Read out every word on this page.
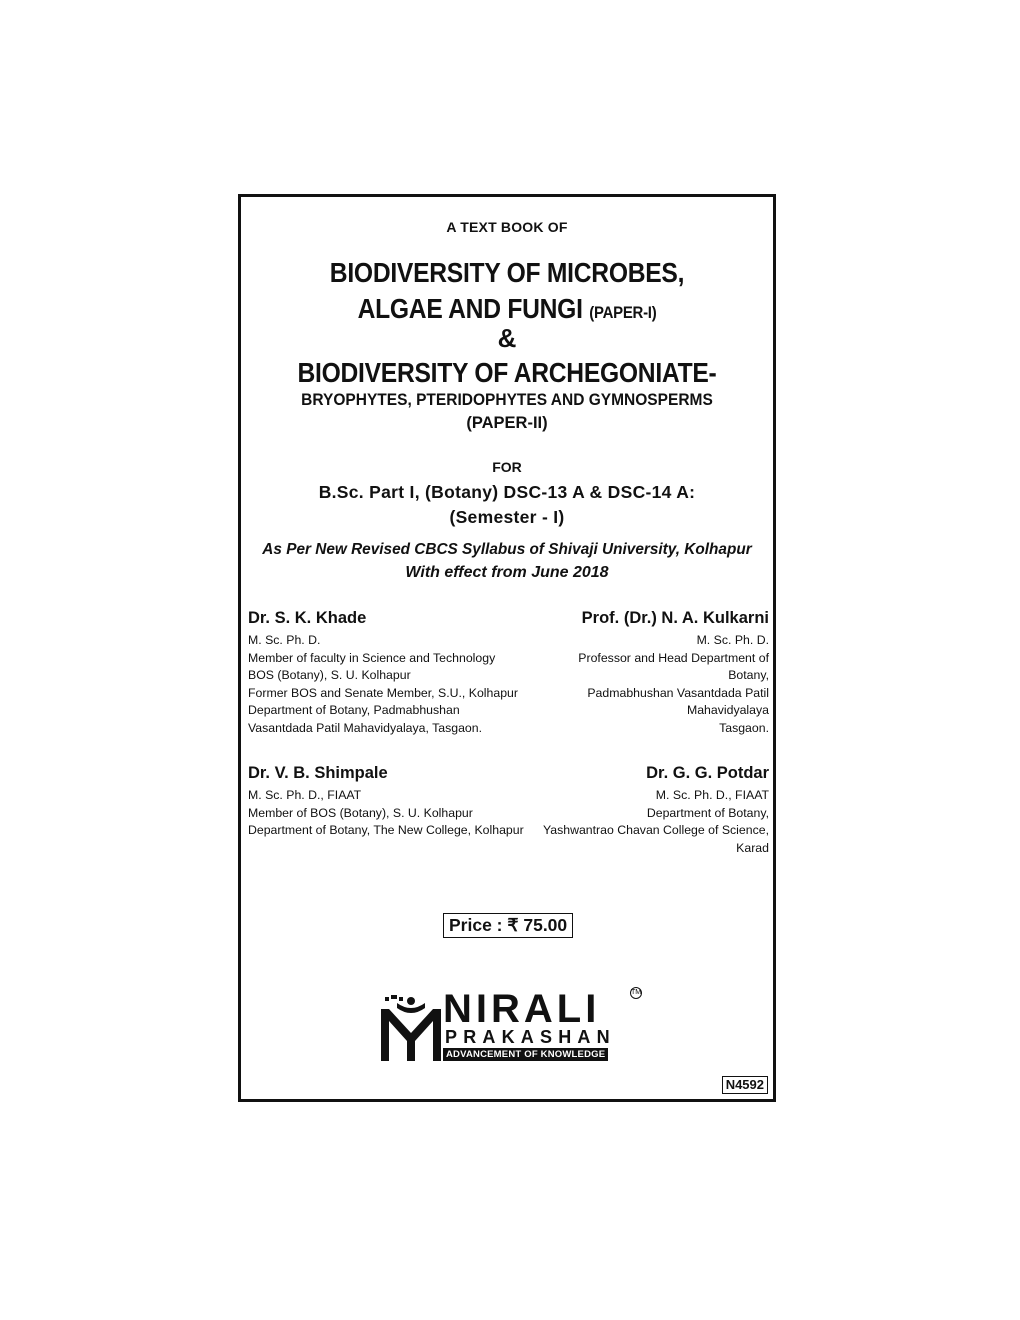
A TEXT BOOK OF
BIODIVERSITY OF MICROBES,
ALGAE AND FUNGI (PAPER-I)
&
BIODIVERSITY OF ARCHEGONIATE-
BRYOPHYTES, PTERIDOPHYTES AND GYMNOSPERMS
(PAPER-II)
FOR
B.Sc. Part I, (Botany) DSC-13 A & DSC-14 A:
(Semester - I)
As Per New Revised CBCS Syllabus of Shivaji University, Kolhapur
With effect from June 2018
Dr. S. K. Khade
M. Sc. Ph. D.
Member of faculty in Science and Technology
BOS (Botany), S. U. Kolhapur
Former BOS and Senate Member, S.U., Kolhapur
Department of Botany, Padmabhushan
Vasantdada Patil Mahavidyalaya, Tasgaon.
Prof. (Dr.) N. A. Kulkarni
M. Sc. Ph. D.
Professor and Head Department of
Botany,
Padmabhushan Vasantdada Patil
Mahavidyalaya
Tasgaon.
Dr. V. B. Shimpale
M. Sc. Ph. D., FIAAT
Member of BOS (Botany), S. U. Kolhapur
Department of Botany, The New College, Kolhapur
Dr. G. G. Potdar
M. Sc. Ph. D., FIAAT
Department of Botany,
Yashwantrao Chavan College of Science,
Karad
Price : ₹ 75.00
NIRALI	TM
PRAKASHAN
ADVANCEMENT OF KNOWLEDGE
N4592
